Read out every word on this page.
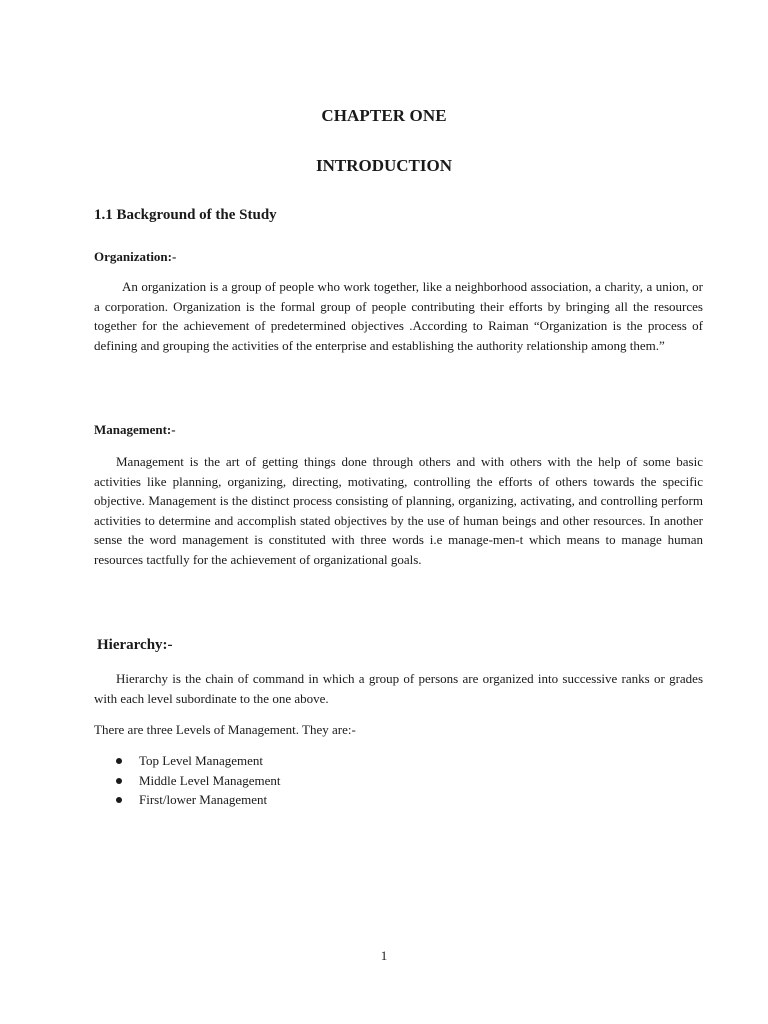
CHAPTER ONE
INTRODUCTION
1.1 Background of the Study
Organization:-

An organization is a group of people who work together, like a neighborhood association, a charity, a union, or a corporation. Organization is the formal group of people contributing their efforts by bringing all the resources together for the achievement of predetermined objectives .According to Raiman “Organization is the process of defining and grouping the activities of the enterprise and establishing the authority relationship among them.”

Management:-

Management is the art of getting things done through others and with others with the help of some basic activities like planning, organizing, directing, motivating, controlling the efforts of others towards the specific objective. Management is the distinct process consisting of planning, organizing, activating, and controlling perform activities to determine and accomplish stated objectives by the use of human beings and other resources. In another sense the word management is constituted with three words i.e manage-men-t which means to manage human resources tactfully for the achievement of organizational goals.

Hierarchy:-

Hierarchy is the chain of command in which a group of persons are organized into successive ranks or grades with each level subordinate to the one above.

There are three Levels of Management. They are:-

Top Level Management
Middle Level Management
First/lower Management
1
